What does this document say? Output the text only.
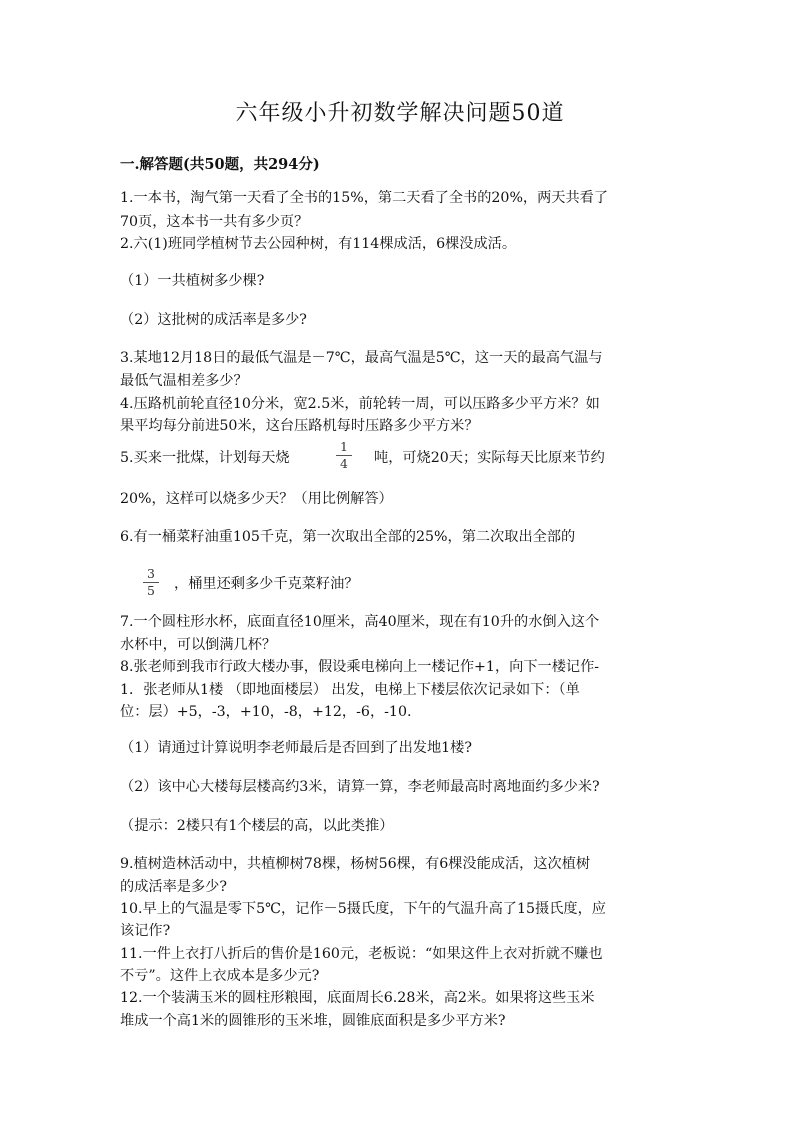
六年级小升初数学解决问题50道
一.解答题(共50题，共294分)
1.一本书，淘气第一天看了全书的15%，第二天看了全书的20%，两天共看了
70页，这本书一共有多少页？
2.六(1)班同学植树节去公园种树，有114棵成活，6棵没成活。
（1）一共植树多少棵?
（2）这批树的成活率是多少?
3.某地12月18日的最低气温是－7℃，最高气温是5℃，这一天的最高气温与
最低气温相差多少？
4.压路机前轮直径10分米，宽2.5米，前轮转一周，可以压路多少平方米？如
果平均每分前进50米，这台压路机每时压路多少平方米？
5.买来一批煤，计划每天烧
1
4 吨，可烧20天；实际每天比原来节约
20%，这样可以烧多少天？（用比例解答）
6.有一桶菜籽油重105千克，第一次取出全部的25%，第二次取出全部的
3
5 ，桶里还剩多少千克菜籽油？
7.一个圆柱形水杯，底面直径10厘米，高40厘米，现在有10升的水倒入这个
水杯中，可以倒满几杯？
8.张老师到我市行政大楼办事，假设乘电梯向上一楼记作+1，向下一楼记作-
1．张老师从1楼 （即地面楼层） 出发，电梯上下楼层依次记录如下：（单
位：层）+5，-3，+10，-8，+12，-6，-10.
（1）请通过计算说明李老师最后是否回到了出发地1楼?
（2）该中心大楼每层楼高约3米，请算一算，李老师最高时离地面约多少米?
（提示：2楼只有1个楼层的高，以此类推）
9.植树造林活动中，共植柳树78棵，杨树56棵，有6棵没能成活，这次植树
的成活率是多少?
10.早上的气温是零下5℃，记作－5摄氏度，下午的气温升高了15摄氏度，应
该记作?
11.一件上衣打八折后的售价是160元，老板说：“如果这件上衣对折就不赚也
不亏”。这件上衣成本是多少元?
12.一个装满玉米的圆柱形粮囤，底面周长6.28米，高2米。如果将这些玉米
堆成一个高1米的圆锥形的玉米堆，圆锥底面积是多少平方米?
